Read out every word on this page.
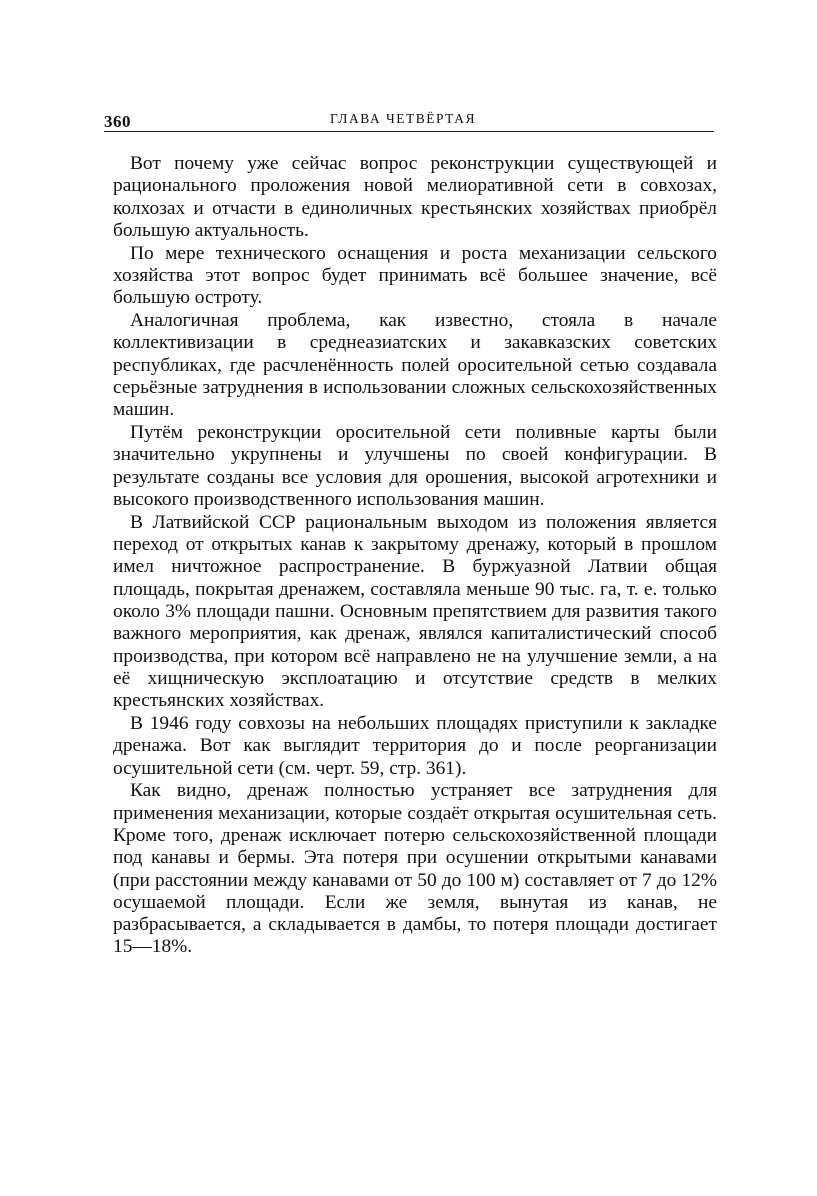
360	ГЛАВА ЧЕТВЁРТАЯ

Вот почему уже сейчас вопрос реконструкции существующей и рационального проложения новой мелиоративной сети в совхозах, колхозах и отчасти в единоличных крестьянских хозяйствах приобрёл большую актуальность.

По мере технического оснащения и роста механизации сельского хозяйства этот вопрос будет принимать всё большее значение, всё большую остроту.

Аналогичная проблема, как известно, стояла в начале коллективизации в среднеазиатских и закавказских советских республиках, где расчленённость полей оросительной сетью создавала серьёзные затруднения в использовании сложных сельскохозяйственных машин.

Путём реконструкции оросительной сети поливные карты были значительно укрупнены и улучшены по своей конфигурации. В результате созданы все условия для орошения, высокой агротехники и высокого производственного использования машин.

В Латвийской ССР рациональным выходом из положения является переход от открытых канав к закрытому дренажу, который в прошлом имел ничтожное распространение. В буржуазной Латвии общая площадь, покрытая дренажем, составляла меньше 90 тыс. га, т. е. только около 3% площади пашни. Основным препятствием для развития такого важного мероприятия, как дренаж, являлся капиталистический способ производства, при котором всё направлено не на улучшение земли, а на её хищническую эксплоатацию и отсутствие средств в мелких крестьянских хозяйствах.

В 1946 году совхозы на небольших площадях приступили к закладке дренажа. Вот как выглядит территория до и после реорганизации осушительной сети (см. черт. 59, стр. 361).

Как видно, дренаж полностью устраняет все затруднения для применения механизации, которые создаёт открытая осушительная сеть. Кроме того, дренаж исключает потерю сельскохозяйственной площади под канавы и бермы. Эта потеря при осушении открытыми канавами (при расстоянии между канавами от 50 до 100 м) составляет от 7 до 12% осушаемой площади. Если же земля, вынутая из канав, не разбрасывается, а складывается в дамбы, то потеря площади достигает 15—18%.
